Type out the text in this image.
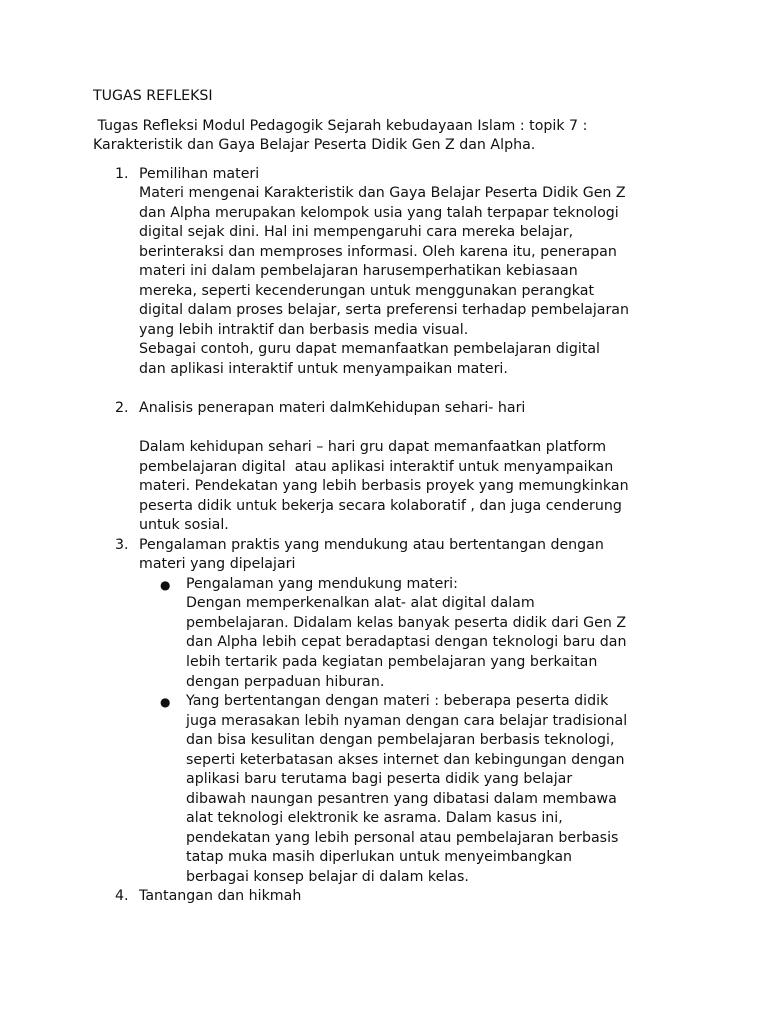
TUGAS REFLEKSI
Tugas Refleksi Modul Pedagogik Sejarah kebudayaan Islam : topik 7 :
Karakteristik dan Gaya Belajar Peserta Didik Gen Z dan Alpha.
1. Pemilihan materi
Materi mengenai Karakteristik dan Gaya Belajar Peserta Didik Gen Z
dan Alpha merupakan kelompok usia yang talah terpapar teknologi
digital sejak dini. Hal ini mempengaruhi cara mereka belajar,
berinteraksi dan memproses informasi. Oleh karena itu, penerapan
materi ini dalam pembelajaran harusemperhatikan kebiasaan
mereka, seperti kecenderungan untuk menggunakan perangkat
digital dalam proses belajar, serta preferensi terhadap pembelajaran
yang lebih intraktif dan berbasis media visual.
Sebagai contoh, guru dapat memanfaatkan pembelajaran digital
dan aplikasi interaktif untuk menyampaikan materi.
2. Analisis penerapan materi dalmKehidupan sehari- hari
Dalam kehidupan sehari – hari gru dapat memanfaatkan platform
pembelajaran digital  atau aplikasi interaktif untuk menyampaikan
materi. Pendekatan yang lebih berbasis proyek yang memungkinkan
peserta didik untuk bekerja secara kolaboratif , dan juga cenderung
untuk sosial.
3. Pengalaman praktis yang mendukung atau bertentangan dengan
materi yang dipelajari
● Pengalaman yang mendukung materi:
Dengan memperkenalkan alat- alat digital dalam
pembelajaran. Didalam kelas banyak peserta didik dari Gen Z
dan Alpha lebih cepat beradaptasi dengan teknologi baru dan
lebih tertarik pada kegiatan pembelajaran yang berkaitan
dengan perpaduan hiburan.
● Yang bertentangan dengan materi : beberapa peserta didik
juga merasakan lebih nyaman dengan cara belajar tradisional
dan bisa kesulitan dengan pembelajaran berbasis teknologi,
seperti keterbatasan akses internet dan kebingungan dengan
aplikasi baru terutama bagi peserta didik yang belajar
dibawah naungan pesantren yang dibatasi dalam membawa
alat teknologi elektronik ke asrama. Dalam kasus ini,
pendekatan yang lebih personal atau pembelajaran berbasis
tatap muka masih diperlukan untuk menyeimbangkan
berbagai konsep belajar di dalam kelas.
4. Tantangan dan hikmah
